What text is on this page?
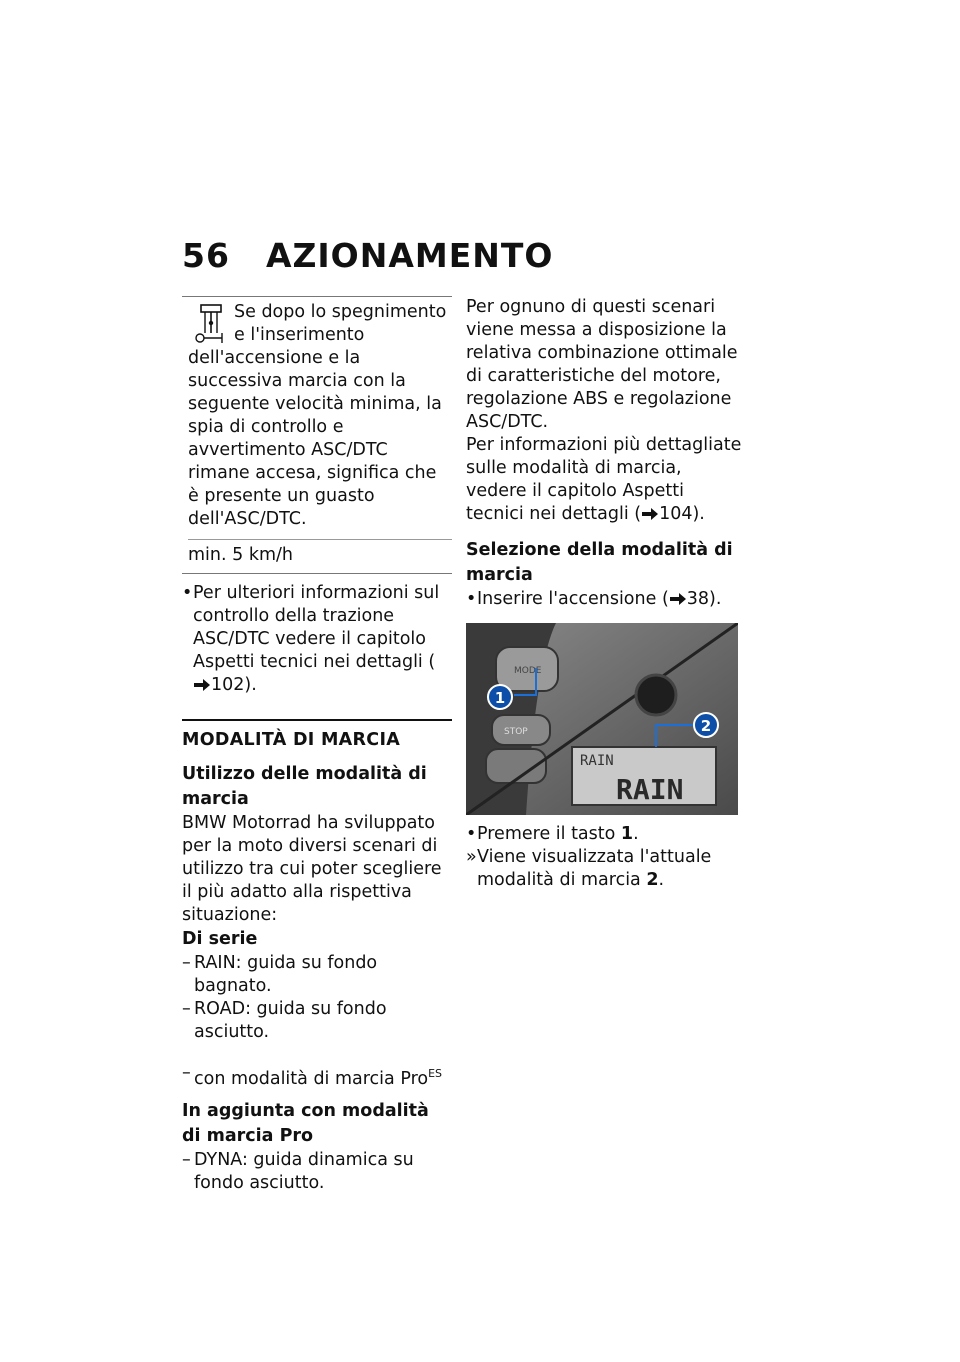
56 AZIONAMENTO
Se dopo lo spegnimento e l'inserimento dell'accensione e la successiva marcia con la seguente velocità minima, la spia di controllo e avvertimento ASC/DTC rimane accesa, significa che è presente un guasto dell'ASC/DTC.
min. 5 km/h
• Per ulteriori informazioni sul controllo della trazione ASC/DTC vedere il capitolo Aspetti tecnici nei dettagli (102).
MODALITÀ DI MARCIA
Utilizzo delle modalità di marcia
BMW Motorrad ha sviluppato per la moto diversi scenari di utilizzo tra cui poter scegliere il più adatto alla rispettiva situazione:
Di serie
– RAIN: guida su fondo bagnato.
– ROAD: guida su fondo asciutto.
– con modalità di marcia Pro$^{ES}$
In aggiunta con modalità di marcia Pro
– DYNA: guida dinamica su fondo asciutto.
Per ognuno di questi scenari viene messa a disposizione la relativa combinazione ottimale di caratteristiche del motore, regolazione ABS e regolazione ASC/DTC.
Per informazioni più dettagliate sulle modalità di marcia, vedere il capitolo Aspetti tecnici nei dettagli ( 104).
Selezione della modalità di marcia
• Inserire l'accensione ( 38).
MODE
STOP
RAIN
RAIN
1
2
• Premere il tasto 1.
» Viene visualizzata l'attuale modalità di marcia 2.
